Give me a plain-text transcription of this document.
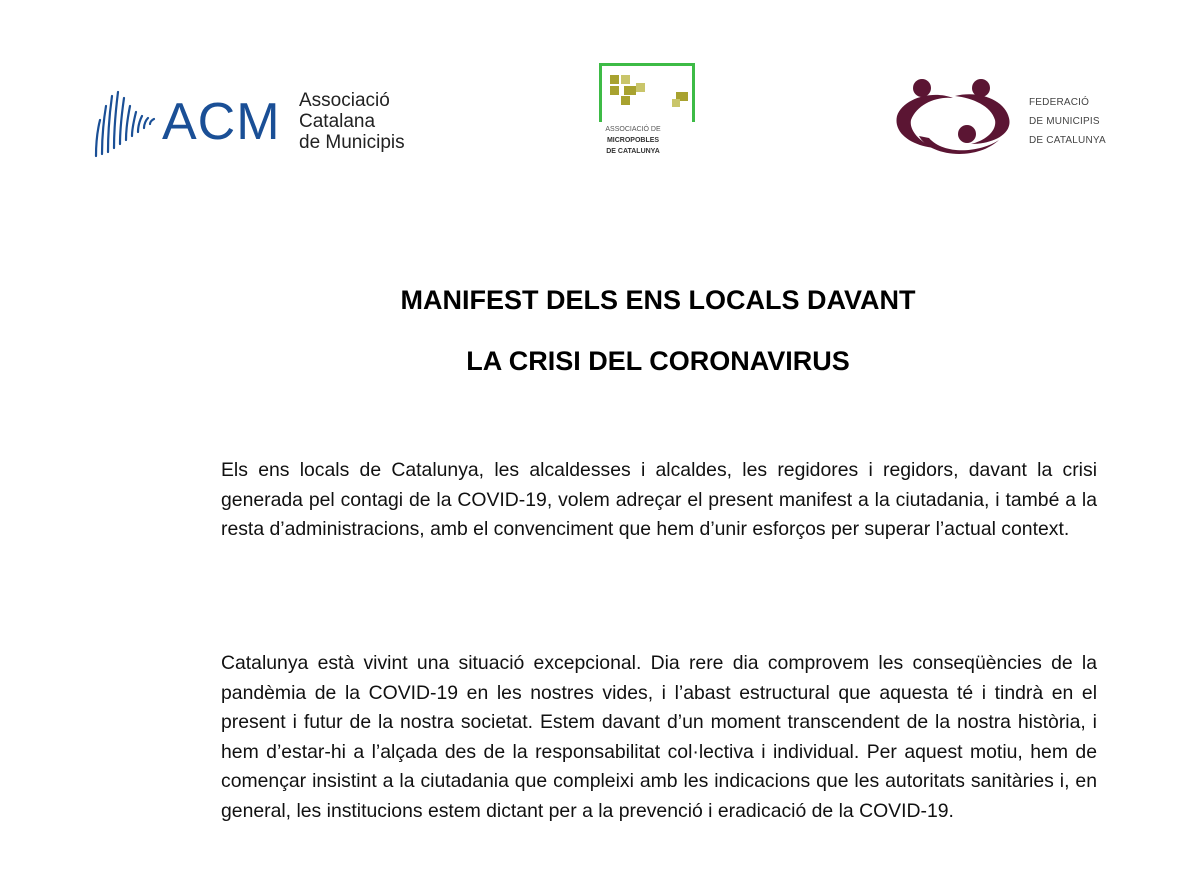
ACM Associació
Catalana
de Municipis
ASSOCIACIÓ DE
MICROPOBLES
DE CATALUNYA
FEDERACIÓ
DE MUNICIPIS
DE CATALUNYA
MANIFEST DELS ENS LOCALS DAVANT
LA CRISI DEL CORONAVIRUS

Els ens locals de Catalunya, les alcaldesses i alcaldes, les regidores i regidors, davant la crisi generada pel contagi de la COVID-19, volem adreçar el present manifest a la ciutadania, i també a la resta d’administracions, amb el convenciment que hem d’unir esforços per superar l’actual context.

Catalunya està vivint una situació excepcional. Dia rere dia comprovem les conseqüències de la pandèmia de la COVID-19 en les nostres vides, i l’abast estructural que aquesta té i tindrà en el present i futur de la nostra societat. Estem davant d’un moment transcendent de la nostra història, i hem d’estar-hi a l’alçada des de la responsabilitat col·lectiva i individual. Per aquest motiu, hem de començar insistint a la ciutadania que compleixi amb les indicacions que les autoritats sanitàries i, en general, les institucions estem dictant per a la prevenció i eradicació de la COVID-19.
